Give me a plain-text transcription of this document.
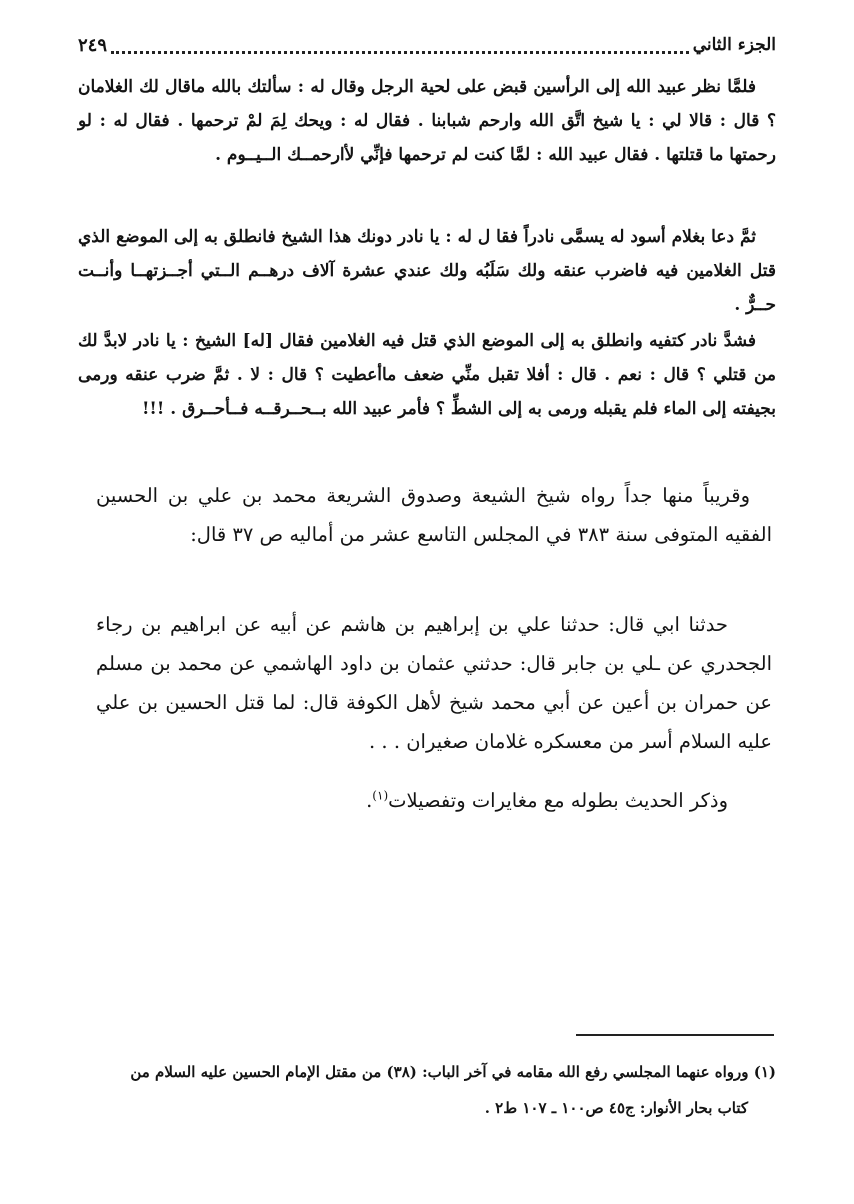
الجزء الثاني
٢٤٩

فلمَّا نظر عبيد الله إلى الرأسين قبض على لحية الرجل وقال له : سألتك بالله ماقال لك الغلامان ؟ قال : قالا لي : يا شيخ اتَّق الله وارحم شبابنا . فقال له : ويحك لِمَ لمْ ترحمها . فقال له : لو رحمتها ما قتلتها . فقال عبيد الله : لمَّا كنت لم ترحمها فإنِّي لأارحمــك الــيــوم .

ثمَّ دعا بغلام أسود له يسمَّى نادراً فقا ل له : يا نادر دونك هذا الشيخ فانطلق به إلى الموضع الذي قتل الغلامين فيه فاضرب عنقه ولك سَلَبُه ولك عندي عشرة آلاف درهــم الــتي أجــزتهــا وأنــت حــرٌّ .

فشدَّ نادر كتفيه وانطلق به إلى الموضع الذي قتل فيه الغلامين فقال [له] الشيخ : يا نادر لابدَّ لك من قتلي ؟ قال : نعم . قال : أفلا تقبل منِّي ضعف ماأعطيت ؟ قال : لا . ثمَّ ضرب عنقه ورمى بجيفته إلى الماء فلم يقبله ورمى به إلى الشطِّ ؟ فأمر عبيد الله بــحــرقــه فــأحــرق . !!!

وقريباً منها جداً رواه شيخ الشيعة وصدوق الشريعة محمد بن علي بن الحسين الفقيه المتوفى سنة ٣٨٣ في المجلس التاسع عشر من أماليه ص ٣٧ قال:

حدثنا ابي قال: حدثنا علي بن إبراهيم بن هاشم عن أبيه عن ابراهيم بن رجاء الجحدري عن ـلي بن جابر قال: حدثني عثمان بن داود الهاشمي عن محمد بن مسلم عن حمران بن أعين عن أبي محمد شيخ لأهل الكوفة قال: لما قتل الحسين بن علي عليه السلام أسر من معسكره غلامان صغيران . . .

وذكر الحديث بطوله مع مغايرات وتفصيلات$^{(١)}$.

(١) ورواه عنهما المجلسي رفع الله مقامه في آخر الباب: (٣٨) من مقتل الإمام الحسين عليه السلام من

كتاب بحار الأنوار: ج٤٥ ص١٠٠ ـ ١٠٧ ط٢ .
